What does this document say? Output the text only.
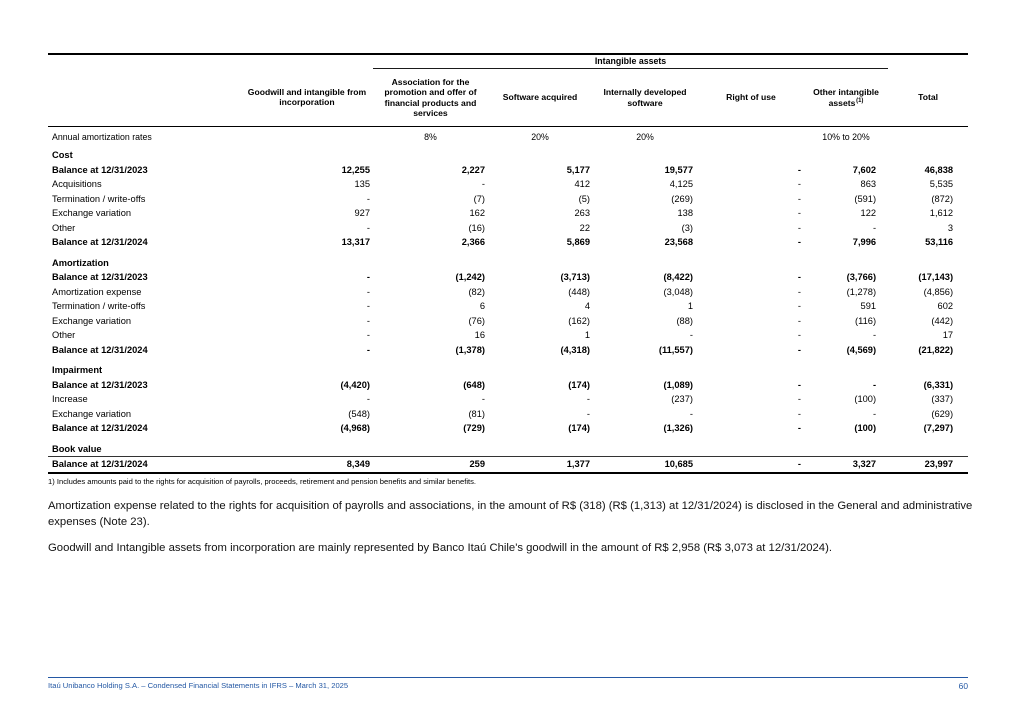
		Intangible assets					
	Goodwill and intangible from incorporation	Association for the promotion and offer of financial products and services	Software acquired	Internally developed software	Right of use	Other intangible assets $^{(1)}$	Total
Annual amortization rates		8%	20%	20%		10% to 20%	

Cost							
Balance at 12/31/2023	12,255	2,227	5,177	19,577	-	7,602	46,838
Acquisitions	135	-	412	4,125	-	863	5,535
Termination / write-offs	-	(7)	(5)	(269)	-	(591)	(872)
Exchange variation	927	162	263	138	-	122	1,612
Other	-	(16)	22	(3)	-	-	3
Balance at 12/31/2024	13,317	2,366	5,869	23,568	-	7,996	53,116

Amortization							
Balance at 12/31/2023	-	(1,242)	(3,713)	(8,422)	-	(3,766)	(17,143)
Amortization expense	-	(82)	(448)	(3,048)	-	(1,278)	(4,856)
Termination / write-offs	-	6	4	1	-	591	602
Exchange variation	-	(76)	(162)	(88)	-	(116)	(442)
Other	-	16	1	-	-	-	17
Balance at 12/31/2024	-	(1,378)	(4,318)	(11,557)	-	(4,569)	(21,822)

Impairment							
Balance at 12/31/2023	(4,420)	(648)	(174)	(1,089)	-	-	(6,331)
Increase	-	-	-	(237)	-	(100)	(337)
Exchange variation	(548)	(81)	-	-	-	-	(629)
Balance at 12/31/2024	(4,968)	(729)	(174)	(1,326)	-	(100)	(7,297)

Book value							
Balance at 12/31/2024	8,349	259	1,377	10,685	-	3,327	23,997
1) Includes amounts paid to the rights for acquisition of payrolls, proceeds, retirement and pension benefits and similar benefits.
Amortization expense related to the rights for acquisition of payrolls and associations, in the amount of R$ (318) (R$ (1,313) at 12/31/2024) is disclosed in the General and administrative expenses (Note 23).
Goodwill and Intangible assets from incorporation are mainly represented by Banco Itaú Chile's goodwill in the amount of R$ 2,958 (R$ 3,073 at 12/31/2024).
Itaú Unibanco Holding S.A. – Condensed Financial Statements in IFRS – March 31, 2025	60
